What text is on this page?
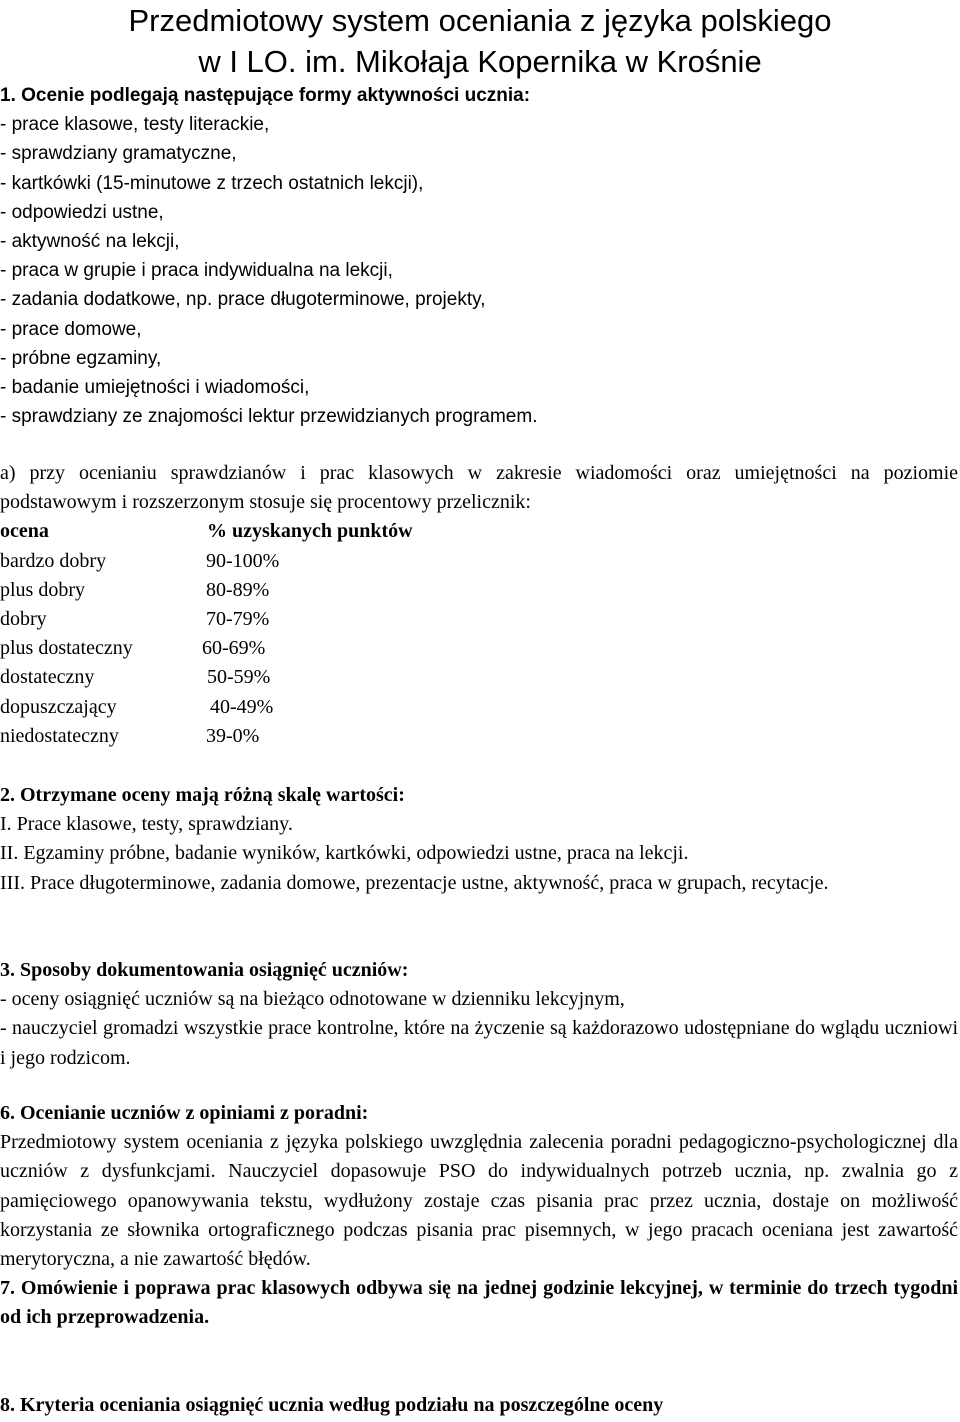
Przedmiotowy system oceniania z języka polskiego
w I LO. im. Mikołaja Kopernika w Krośnie
1. Ocenie podlegają następujące formy aktywności ucznia:
- prace klasowe, testy literackie,
- sprawdziany gramatyczne,
- kartkówki (15-minutowe z trzech ostatnich lekcji),
- odpowiedzi ustne,
- aktywność na lekcji,
- praca w grupie i praca indywidualna na lekcji,
- zadania dodatkowe, np. prace długoterminowe, projekty,
- prace domowe,
- próbne egzaminy,
- badanie umiejętności i wiadomości,
- sprawdziany ze znajomości lektur przewidzianych programem.

a) przy ocenianiu sprawdzianów i prac klasowych w zakresie wiadomości oraz umiejętności na poziomie podstawowym i rozszerzonym stosuje się procentowy przelicznik:

ocena	% uzyskanych punktów
bardzo dobry	90-100%
plus dobry	80-89%
dobry	70-79%
plus dostateczny	60-69%
dostateczny	50-59%
dopuszczający	40-49%
niedostateczny	39-0%

2. Otrzymane oceny mają różną skalę wartości:

I. Prace klasowe, testy, sprawdziany.

II. Egzaminy próbne, badanie wyników, kartkówki, odpowiedzi ustne, praca na lekcji.

III. Prace długoterminowe, zadania domowe, prezentacje ustne, aktywność, praca w grupach, recytacje.

3. Sposoby dokumentowania osiągnięć uczniów:

- oceny osiągnięć uczniów są na bieżąco odnotowane w dzienniku lekcyjnym,

- nauczyciel gromadzi wszystkie prace kontrolne, które na życzenie są każdorazowo udostępniane do wglądu uczniowi i jego rodzicom.

6. Ocenianie uczniów z opiniami z poradni:

Przedmiotowy system oceniania z języka polskiego uwzględnia zalecenia poradni pedagogiczno-psychologicznej dla uczniów z dysfunkcjami. Nauczyciel dopasowuje PSO do indywidualnych potrzeb ucznia, np. zwalnia go z pamięciowego opanowywania tekstu, wydłużony zostaje czas pisania prac przez ucznia, dostaje on możliwość korzystania ze słownika ortograficznego podczas pisania prac pisemnych, w jego pracach oceniana jest zawartość merytoryczna, a nie zawartość błędów.

7. Omówienie i poprawa prac klasowych odbywa się na jednej godzinie lekcyjnej, w terminie do trzech tygodni od ich przeprowadzenia.

8. Kryteria oceniania osiągnięć ucznia według podziału na poszczególne oceny
